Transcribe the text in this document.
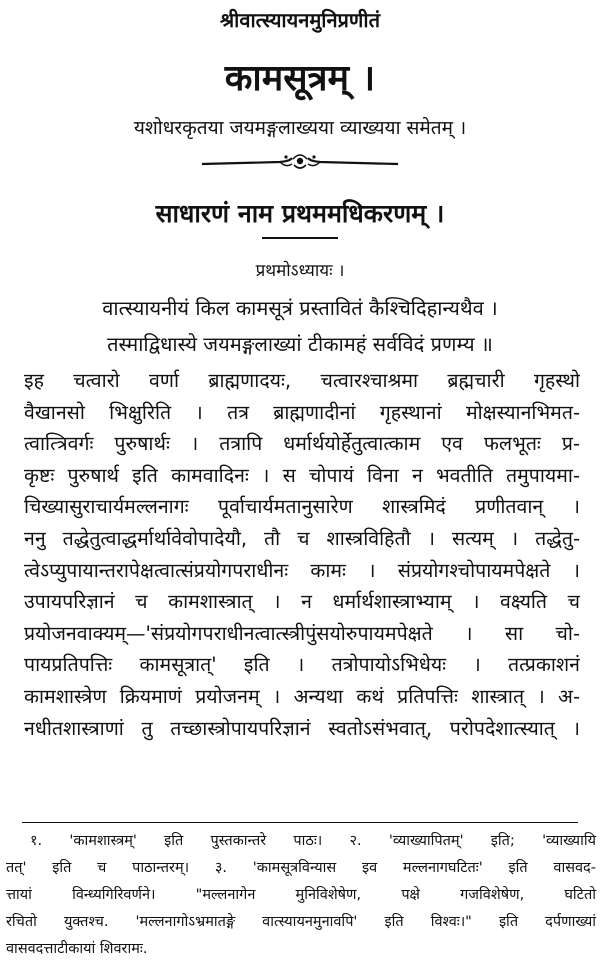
श्रीवात्स्यायनमुनिप्रणीतं
कामसूत्रम् ।
यशोधरकृतया जयमङ्गलाख्यया व्याख्यया समेतम् ।
साधारणं नाम प्रथममधिकरणम् ।
प्रथमोऽध्यायः ।
वात्स्यायनीयं किल कामसूत्रं प्रस्तावितं कैश्चिदिहान्यथैव ।
तस्माद्विधास्ये जयमङ्गलाख्यां टीकामहं सर्वविदं प्रणम्य ॥
इह चत्वारो वर्णा ब्राह्मणादयः, चत्वारश्चाश्रमा ब्रह्मचारी गृहस्थो
वैखानसो भिक्षुरिति । तत्र ब्राह्मणादीनां गृहस्थानां मोक्षस्यानभिमत-
त्वात्त्रिवर्गः पुरुषार्थः । तत्रापि धर्मार्थयोर्हेतुत्वात्काम एव फलभूतः प्र-
कृष्टः पुरुषार्थ इति कामवादिनः । स चोपायं विना न भवतीति तमुपायमा-
चिख्यासुराचार्यमल्लनागः पूर्वाचार्यमतानुसारेण शास्त्रमिदं प्रणीतवान् ।
ननु तद्धेतुत्वाद्धर्मार्थावेवोपादेयौ, तौ च शास्त्रविहितौ । सत्यम् । तद्धेतु-
त्वेऽप्युपायान्तरापेक्षत्वात्संप्रयोगपराधीनः कामः । संप्रयोगश्चोपायमपेक्षते ।
उपायपरिज्ञानं च कामशास्त्रात् । न धर्मार्थशास्त्राभ्याम् । वक्ष्यति च
प्रयोजनवाक्यम्—'संप्रयोगपराधीनत्वात्स्त्रीपुंसयोरुपायमपेक्षते । सा चो-
पायप्रतिपत्तिः कामसूत्रात्' इति । तत्रोपायोऽभिधेयः । तत्प्रकाशनं
कामशास्त्रेण क्रियमाणं प्रयोजनम् । अन्यथा कथं प्रतिपत्तिः शास्त्रात् । अ-
नधीतशास्त्राणां तु तच्छास्त्रोपायपरिज्ञानं स्वतोऽसंभवात्, परोपदेशात्स्यात् ।
१. 'कामशास्त्रम्' इति पुस्तकान्तरे पाठः। २. 'व्याख्यापितम्' इति; 'व्याख्यायि
तत्' इति च पाठान्तरम्। ३. 'कामसूत्रविन्यास इव मल्लनागघटितः' इति वासवद-
त्तायां विन्ध्यगिरिवर्णने। "मल्लनागेन मुनिविशेषेण, पक्षे गजविशेषेण, घटितो
रचितो युक्तश्च. 'मल्लनागोऽभ्रमातङ्गे वात्स्यायनमुनावपि' इति विश्वः।" इति दर्पणाख्यां
वासवदत्ताटीकायां शिवरामः.
